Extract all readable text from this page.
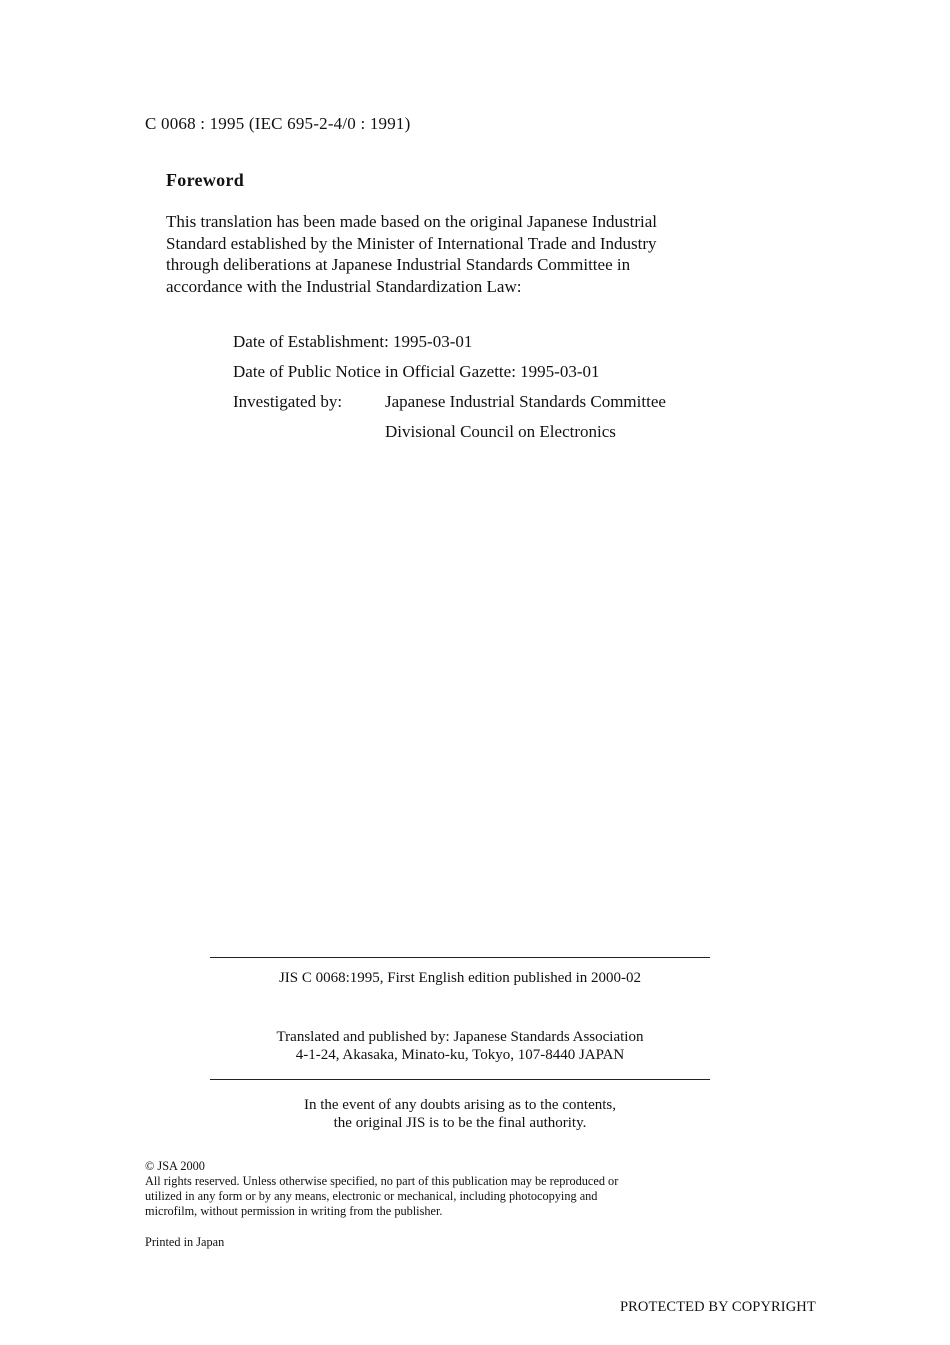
C 0068 : 1995 (IEC 695-2-4/0 : 1991)
Foreword
This translation has been made based on the original Japanese Industrial
Standard established by the Minister of International Trade and Industry
through deliberations at Japanese Industrial Standards Committee in
accordance with the Industrial Standardization Law:
Date of Establishment: 1995-03-01
Date of Public Notice in Official Gazette: 1995-03-01
Investigated by:	Japanese Industrial Standards Committee
Divisional Council on Electronics
JIS C 0068:1995, First English edition published in 2000-02
Translated and published by: Japanese Standards Association
4-1-24, Akasaka, Minato-ku, Tokyo, 107-8440 JAPAN
In the event of any doubts arising as to the contents,
the original JIS is to be the final authority.
© JSA 2000
All rights reserved. Unless otherwise specified, no part of this publication may be reproduced or
utilized in any form or by any means, electronic or mechanical, including photocopying and
microfilm, without permission in writing from the publisher.
Printed in Japan
PROTECTED BY COPYRIGHT
